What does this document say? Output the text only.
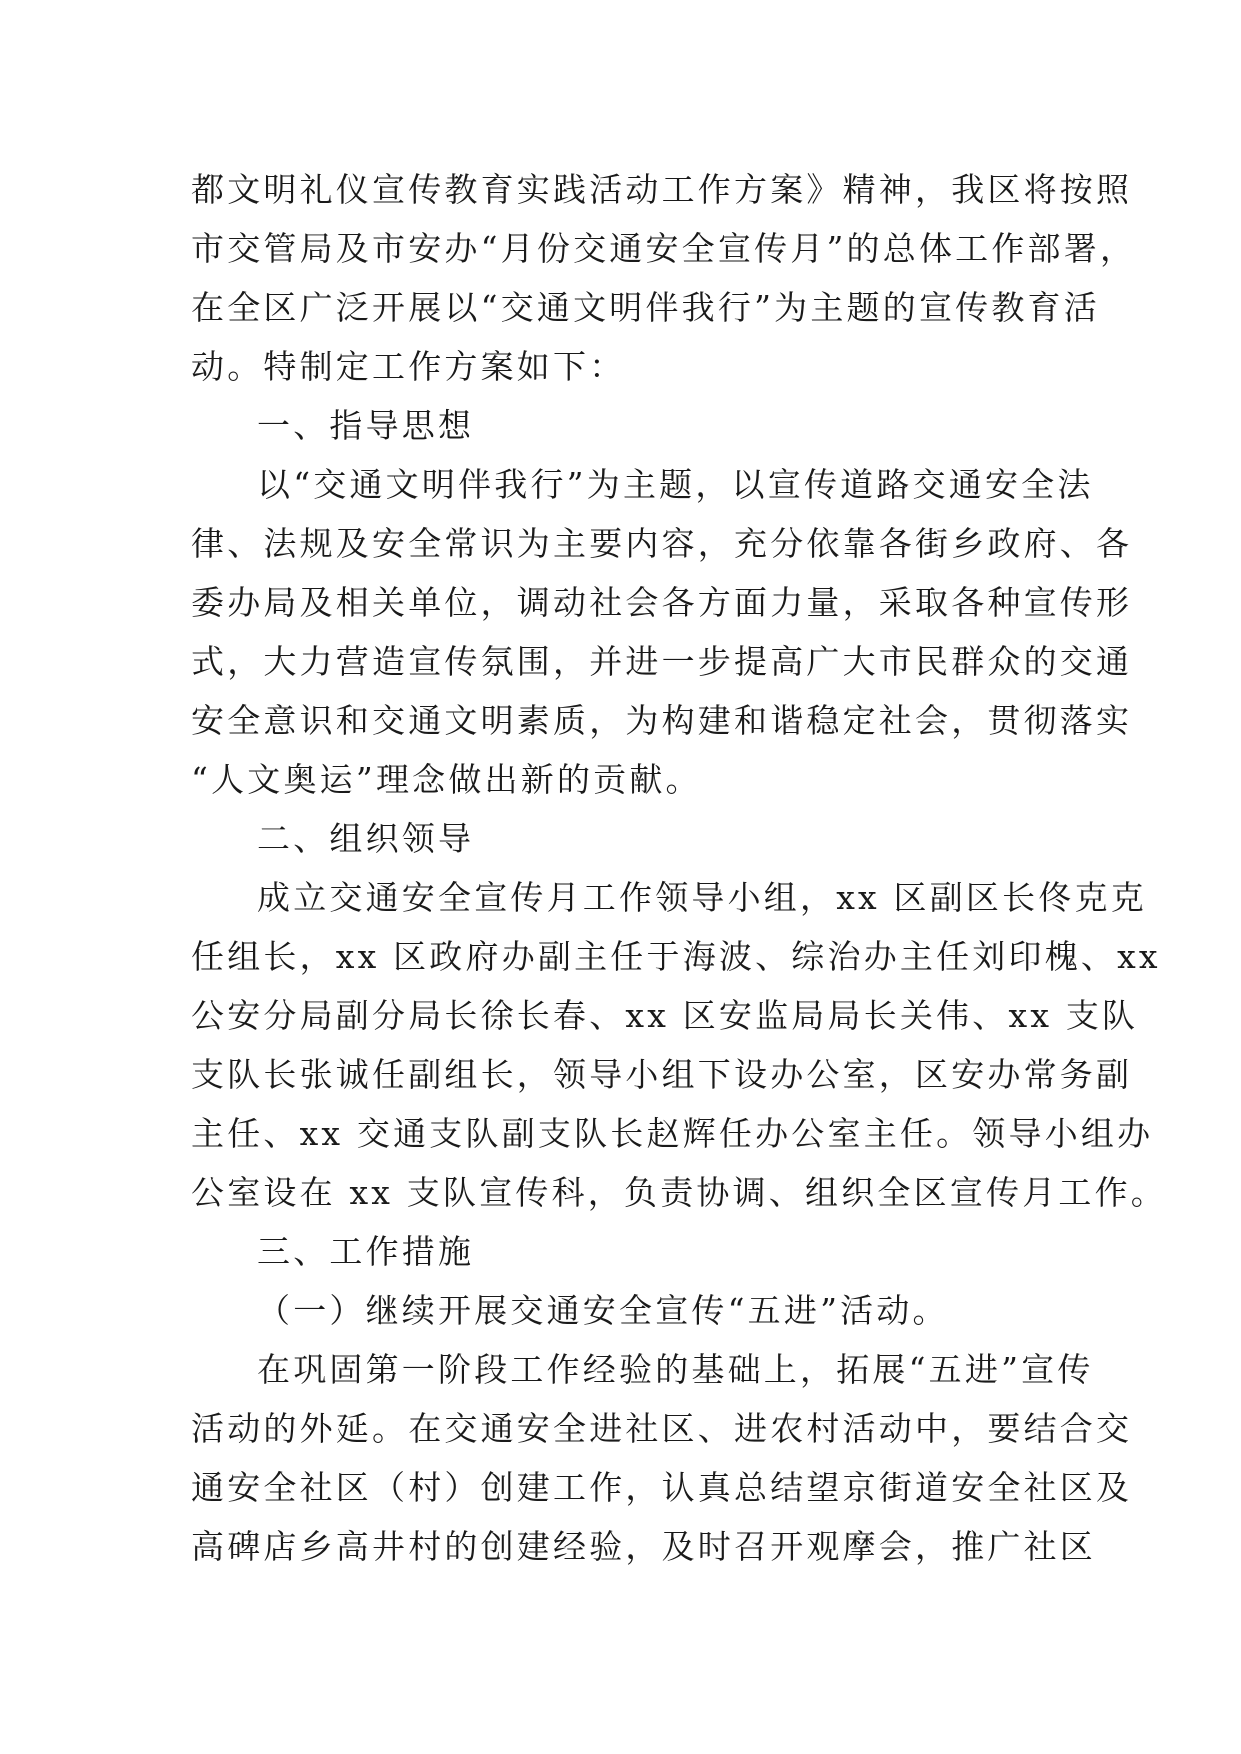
都文明礼仪宣传教育实践活动工作方案》精神，我区将按照
市交管局及市安办“月份交通安全宣传月”的总体工作部署，
在全区广泛开展以“交通文明伴我行”为主题的宣传教育活
动。特制定工作方案如下：
一、指导思想
以“交通文明伴我行”为主题，以宣传道路交通安全法
律、法规及安全常识为主要内容，充分依靠各街乡政府、各
委办局及相关单位，调动社会各方面力量，采取各种宣传形
式，大力营造宣传氛围，并进一步提高广大市民群众的交通
安全意识和交通文明素质，为构建和谐稳定社会，贯彻落实
“人文奥运”理念做出新的贡献。
二、组织领导
成立交通安全宣传月工作领导小组，xx 区副区长佟克克
任组长，xx 区政府办副主任于海波、综治办主任刘印槐、xx
公安分局副分局长徐长春、xx 区安监局局长关伟、xx 支队
支队长张诚任副组长，领导小组下设办公室，区安办常务副
主任、xx 交通支队副支队长赵辉任办公室主任。领导小组办
公室设在 xx 支队宣传科，负责协调、组织全区宣传月工作。
三、工作措施
（一）继续开展交通安全宣传“五进”活动。
在巩固第一阶段工作经验的基础上，拓展“五进”宣传
活动的外延。在交通安全进社区、进农村活动中，要结合交
通安全社区（村）创建工作，认真总结望京街道安全社区及
高碑店乡高井村的创建经验，及时召开观摩会，推广社区
